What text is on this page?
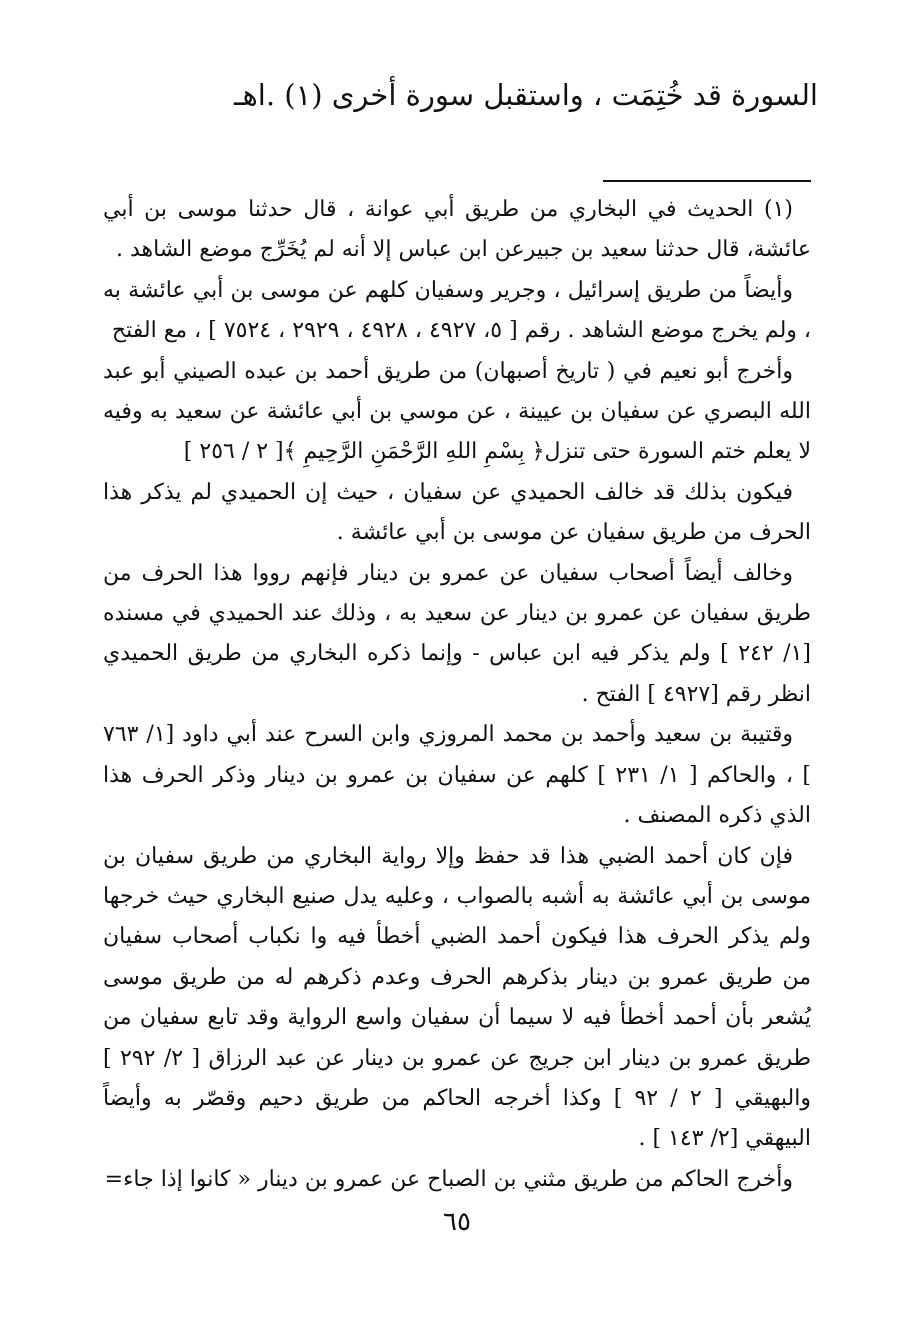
السورة قد خُتِمَت ، واستقبل سورة أخرى (١) .اهـ

(١) الحديث في البخاري من طريق أبي عوانة ، قال حدثنا موسى بن أبي عائشة، قال حدثنا سعيد بن جبيرعن ابن عباس إلا أنه لم يُخَرِّج موضع الشاهد .

وأيضاً من طريق إسرائيل ، وجرير وسفيان كلهم عن موسى بن أبي عائشة به ، ولم يخرج موضع الشاهد . رقم [ ٥، ٤٩٢٧ ، ٤٩٢٨ ، ٢٩٢٩ ، ٧٥٢٤ ] ، مع الفتح

وأخرج أبو نعيم في ( تاريخ أصبهان) من طريق أحمد بن عبده الصيني أبو عبد الله البصري عن سفيان بن عيينة ، عن موسي بن أبي عائشة عن سعيد به وفيه لا يعلم ختم السورة حتى تنزل﴿ بِسْمِ اللهِ الرَّحْمَنِ الرَّحِيمِ ﴾[ ٢ / ٢٥٦ ]

فيكون بذلك قد خالف الحميدي عن سفيان ، حيث إن الحميدي لم يذكر هذا الحرف من طريق سفيان عن موسى بن أبي عائشة .

وخالف أيضاً أصحاب سفيان عن عمرو بن دينار فإنهم رووا هذا الحرف من طريق سفيان عن عمرو بن دينار عن سعيد به ، وذلك عند الحميدي في مسنده [١/ ٢٤٢ ] ولم يذكر فيه ابن عباس - وإنما ذكره البخاري من طريق الحميدي انظر رقم [٤٩٢٧ ] الفتح .

وقتيبة بن سعيد وأحمد بن محمد المروزي وابن السرح عند أبي داود [١/ ٧٦٣ ] ، والحاكم [ ١/ ٢٣١ ] كلهم عن سفيان بن عمرو بن دينار وذكر الحرف هذا الذي ذكره المصنف .

فإن كان أحمد الضبي هذا قد حفظ وإلا رواية البخاري من طريق سفيان بن موسى بن أبي عائشة به أشبه بالصواب ، وعليه يدل صنيع البخاري حيث خرجها ولم يذكر الحرف هذا فيكون أحمد الضبي أخطأ فيه وا نكباب أصحاب سفيان من طريق عمرو بن دينار بذكرهم الحرف وعدم ذكرهم له من طريق موسى يُشعر بأن أحمد أخطأ فيه لا سيما أن سفيان واسع الرواية وقد تابع سفيان من طريق عمرو بن دينار ابن جريج عن عمرو بن دينار عن عبد الرزاق [ ٢/ ٢٩٢ ] والبهيقي [ ٢ / ٩٢ ] وكذا أخرجه الحاكم من طريق دحيم وقصّر به وأيضاً البيهقي [٢/ ١٤٣ ] .

وأخرج الحاكم من طريق مثني بن الصباح عن عمرو بن دينار « كانوا إذا جاء=

٦٥
